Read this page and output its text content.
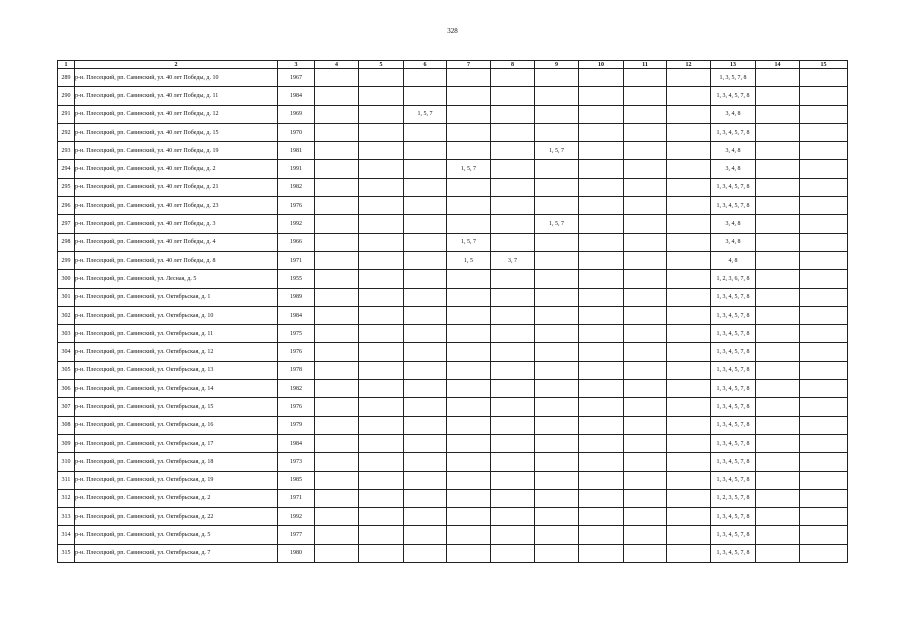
328
1	2	3	4	5	6	7	8	9	10	11	12	13	14	15
289	р-н. Плесецкий, рп. Савинский, ул. 40 лет Победы, д. 10	1967										1, 3, 5, 7, 8		
290	р-н. Плесецкий, рп. Савинский, ул. 40 лет Победы, д. 11	1984										1, 3, 4, 5, 7, 8		
291	р-н. Плесецкий, рп. Савинский, ул. 40 лет Победы, д. 12	1969			1, 5, 7							3, 4, 8		
292	р-н. Плесецкий, рп. Савинский, ул. 40 лет Победы, д. 15	1970										1, 3, 4, 5, 7, 8		
293	р-н. Плесецкий, рп. Савинский, ул. 40 лет Победы, д. 19	1981						1, 5, 7				3, 4, 8		
294	р-н. Плесецкий, рп. Савинский, ул. 40 лет Победы, д. 2	1991				1, 5, 7						3, 4, 8		
295	р-н. Плесецкий, рп. Савинский, ул. 40 лет Победы, д. 21	1982										1, 3, 4, 5, 7, 8		
296	р-н. Плесецкий, рп. Савинский, ул. 40 лет Победы, д. 23	1976										1, 3, 4, 5, 7, 8		
297	р-н. Плесецкий, рп. Савинский, ул. 40 лет Победы, д. 3	1992						1, 5, 7				3, 4, 8		
298	р-н. Плесецкий, рп. Савинский, ул. 40 лет Победы, д. 4	1966				1, 5, 7						3, 4, 8		
299	р-н. Плесецкий, рп. Савинский, ул. 40 лет Победы, д. 8	1971				1, 5	3, 7					4, 8		
300	р-н. Плесецкий, рп. Савинский, ул. Лесная, д. 5	1955										1, 2, 3, 6, 7, 8		
301	р-н. Плесецкий, рп. Савинский, ул. Октябрьская, д. 1	1989										1, 3, 4, 5, 7, 8		
302	р-н. Плесецкий, рп. Савинский, ул. Октябрьская, д. 10	1984										1, 3, 4, 5, 7, 8		
303	р-н. Плесецкий, рп. Савинский, ул. Октябрьская, д. 11	1975										1, 3, 4, 5, 7, 8		
304	р-н. Плесецкий, рп. Савинский, ул. Октябрьская, д. 12	1976										1, 3, 4, 5, 7, 8		
305	р-н. Плесецкий, рп. Савинский, ул. Октябрьская, д. 13	1978										1, 3, 4, 5, 7, 8		
306	р-н. Плесецкий, рп. Савинский, ул. Октябрьская, д. 14	1982										1, 3, 4, 5, 7, 8		
307	р-н. Плесецкий, рп. Савинский, ул. Октябрьская, д. 15	1976										1, 3, 4, 5, 7, 8		
308	р-н. Плесецкий, рп. Савинский, ул. Октябрьская, д. 16	1979										1, 3, 4, 5, 7, 8		
309	р-н. Плесецкий, рп. Савинский, ул. Октябрьская, д. 17	1984										1, 3, 4, 5, 7, 8		
310	р-н. Плесецкий, рп. Савинский, ул. Октябрьская, д. 18	1973										1, 3, 4, 5, 7, 8		
311	р-н. Плесецкий, рп. Савинский, ул. Октябрьская, д. 19	1985										1, 3, 4, 5, 7, 8		
312	р-н. Плесецкий, рп. Савинский, ул. Октябрьская, д. 2	1971										1, 2, 3, 5, 7, 8		
313	р-н. Плесецкий, рп. Савинский, ул. Октябрьская, д. 22	1992										1, 3, 4, 5, 7, 8		
314	р-н. Плесецкий, рп. Савинский, ул. Октябрьская, д. 5	1977										1, 3, 4, 5, 7, 8		
315	р-н. Плесецкий, рп. Савинский, ул. Октябрьская, д. 7	1980										1, 3, 4, 5, 7, 8		
